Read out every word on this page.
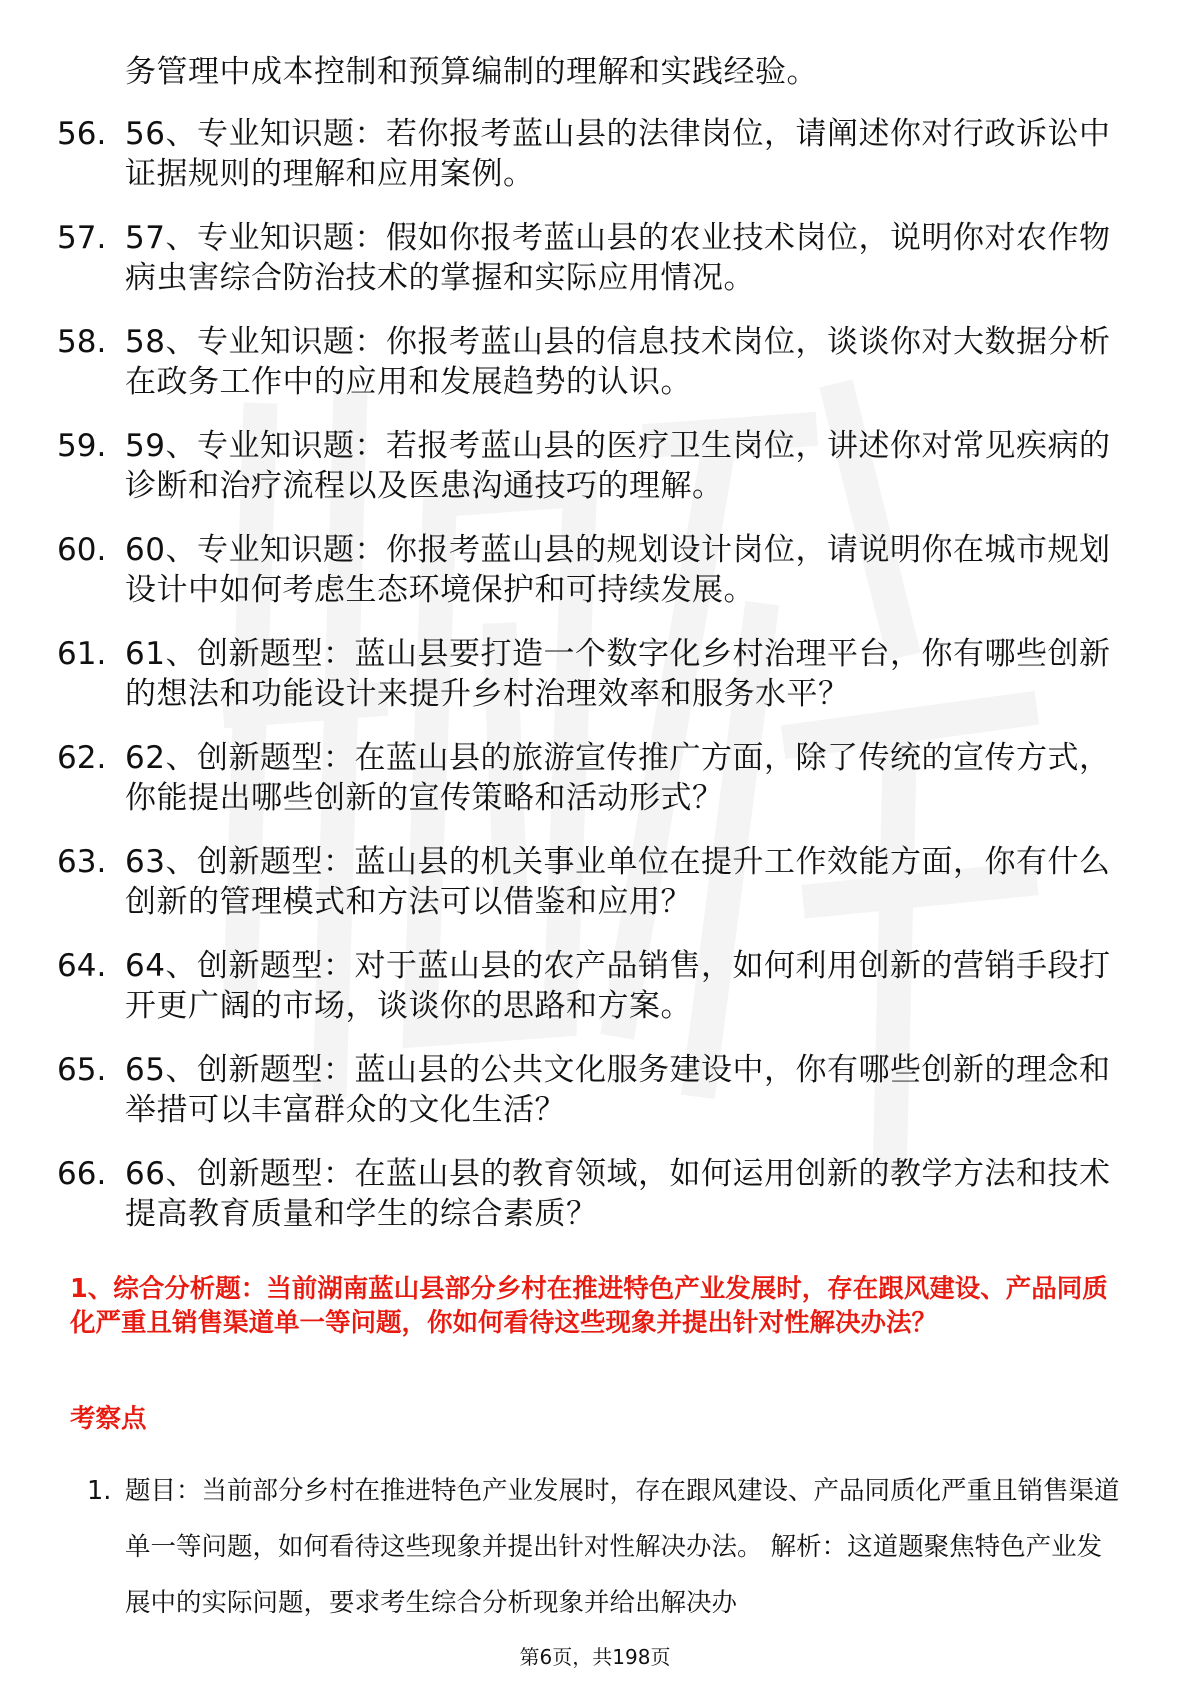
务管理中成本控制和预算编制的理解和实践经验。
56. 56、专业知识题：若你报考蓝山县的法律岗位，请阐述你对行政诉讼中证据规则的理解和应用案例。
57. 57、专业知识题：假如你报考蓝山县的农业技术岗位，说明你对农作物病虫害综合防治技术的掌握和实际应用情况。
58. 58、专业知识题：你报考蓝山县的信息技术岗位，谈谈你对大数据分析在政务工作中的应用和发展趋势的认识。
59. 59、专业知识题：若报考蓝山县的医疗卫生岗位，讲述你对常见疾病的诊断和治疗流程以及医患沟通技巧的理解。
60. 60、专业知识题：你报考蓝山县的规划设计岗位，请说明你在城市规划设计中如何考虑生态环境保护和可持续发展。
61. 61、创新题型：蓝山县要打造一个数字化乡村治理平台，你有哪些创新的想法和功能设计来提升乡村治理效率和服务水平？
62. 62、创新题型：在蓝山县的旅游宣传推广方面，除了传统的宣传方式，你能提出哪些创新的宣传策略和活动形式？
63. 63、创新题型：蓝山县的机关事业单位在提升工作效能方面，你有什么创新的管理模式和方法可以借鉴和应用？
64. 64、创新题型：对于蓝山县的农产品销售，如何利用创新的营销手段打开更广阔的市场，谈谈你的思路和方案。
65. 65、创新题型：蓝山县的公共文化服务建设中，你有哪些创新的理念和举措可以丰富群众的文化生活？
66. 66、创新题型：在蓝山县的教育领域，如何运用创新的教学方法和技术提高教育质量和学生的综合素质？
1、综合分析题：当前湖南蓝山县部分乡村在推进特色产业发展时，存在跟风建设、产品同质化严重且销售渠道单一等问题，你如何看待这些现象并提出针对性解决办法？
考察点
1. 题目：当前部分乡村在推进特色产业发展时，存在跟风建设、产品同质化严重且销售渠道单一等问题，如何看待这些现象并提出针对性解决办法。 解析：这道题聚焦特色产业发展中的实际问题，要求考生综合分析现象并给出解决办
第6页，共198页
